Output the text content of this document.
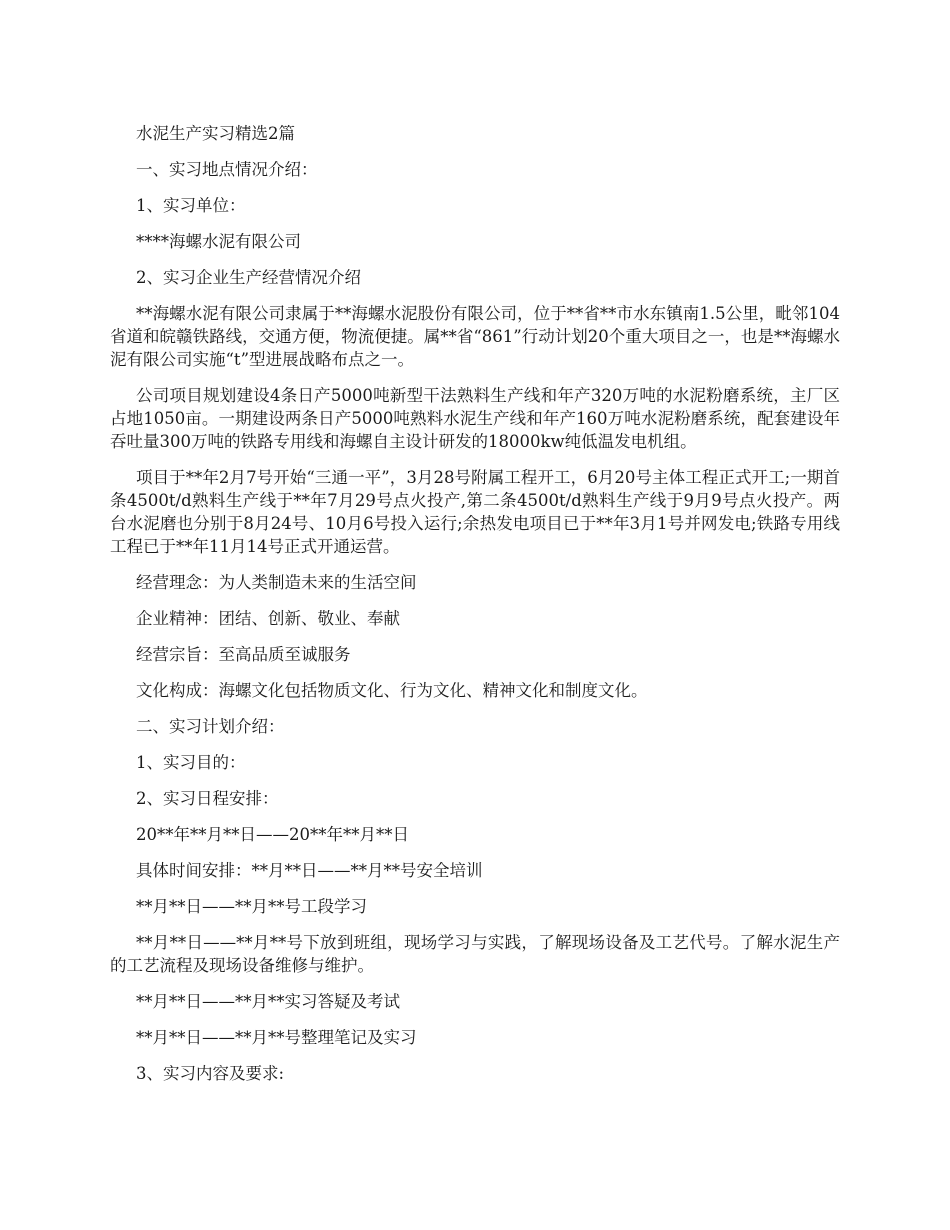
水泥生产实习精选2篇

一、实习地点情况介绍：

1、实习单位：

****海螺水泥有限公司

2、实习企业生产经营情况介绍

**海螺水泥有限公司隶属于**海螺水泥股份有限公司，位于**省**市水东镇南1.5公里，毗邻104省道和皖赣铁路线，交通方便，物流便捷。属**省“861”行动计划20个重大项目之一，也是**海螺水泥有限公司实施“t”型进展战略布点之一。

公司项目规划建设4条日产5000吨新型干法熟料生产线和年产320万吨的水泥粉磨系统，主厂区占地1050亩。一期建设两条日产5000吨熟料水泥生产线和年产160万吨水泥粉磨系统，配套建设年吞吐量300万吨的铁路专用线和海螺自主设计研发的18000kw纯低温发电机组。

项目于**年2月7号开始“三通一平”，3月28号附属工程开工，6月20号主体工程正式开工;一期首条4500t/d熟料生产线于**年7月29号点火投产,第二条4500t/d熟料生产线于9月9号点火投产。两台水泥磨也分别于8月24号、10月6号投入运行;余热发电项目已于**年3月1号并网发电;铁路专用线工程已于**年11月14号正式开通运营。

经营理念：为人类制造未来的生活空间

企业精神：团结、创新、敬业、奉献

经营宗旨：至高品质至诚服务

文化构成：海螺文化包括物质文化、行为文化、精神文化和制度文化。

二、实习计划介绍：

1、实习目的：

2、实习日程安排：

20**年**月**日——20**年**月**日

具体时间安排：**月**日——**月**号安全培训

**月**日——**月**号工段学习

**月**日——**月**号下放到班组，现场学习与实践，了解现场设备及工艺代号。了解水泥生产的工艺流程及现场设备维修与维护。

**月**日——**月**实习答疑及考试

**月**日——**月**号整理笔记及实习

3、实习内容及要求:
